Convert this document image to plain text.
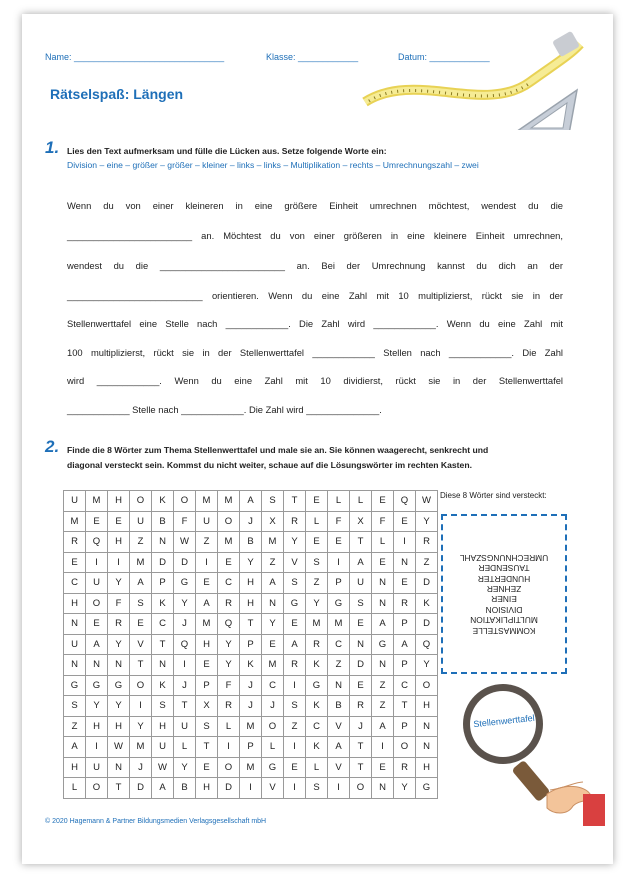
Name: ______________________________	Klasse: ____________	Datum: ____________
Rätselspaß: Längen
1. Lies den Text aufmerksam und fülle die Lücken aus. Setze folgende Worte ein:
Division – eine – größer – größer – kleiner – links – links – Multiplikation – rechts – Umrechnungszahl – zwei
Wenn du von einer kleineren in eine größere Einheit umrechnen möchtest, wendest du die
________________________ an. Möchtest du von einer größeren in eine kleinere Einheit umrechnen,
wendest du die ________________________ an. Bei der Umrechnung kannst du dich an der
__________________________ orientieren. Wenn du eine Zahl mit 10 multiplizierst, rückt sie in der
Stellenwerttafel eine Stelle nach ____________. Die Zahl wird ____________. Wenn du eine Zahl mit
100 multiplizierst, rückt sie in der Stellenwerttafel ____________ Stellen nach ____________. Die Zahl
wird ____________. Wenn du eine Zahl mit 10 dividierst, rückt sie in der Stellenwerttafel
____________ Stelle nach ____________. Die Zahl wird ______________.
2. Finde die 8 Wörter zum Thema Stellenwerttafel und male sie an. Sie können waagerecht, senkrecht und
diagonal versteckt sein. Kommst du nicht weiter, schaue auf die Lösungswörter im rechten Kasten.
U	M	H	O	K	O	M	M	A	S	T	E	L	L	E	Q	W
M	E	E	U	B	F	U	O	J	X	R	L	F	X	F	E	Y
R	Q	H	Z	N	W	Z	M	B	M	Y	E	E	T	L	I	R
E	I	I	M	D	D	I	E	Y	Z	V	S	I	A	E	N	Z
C	U	Y	A	P	G	E	C	H	A	S	Z	P	U	N	E	D
H	O	F	S	K	Y	A	R	H	N	G	Y	G	S	N	R	K
N	E	R	E	C	J	M	Q	T	Y	E	M	M	E	A	P	D
U	A	Y	V	T	Q	H	Y	P	E	A	R	C	N	G	A	Q
N	N	N	T	N	I	E	Y	K	M	R	K	Z	D	N	P	Y
G	G	G	O	K	J	P	F	J	C	I	G	N	E	Z	C	O
S	Y	Y	I	S	T	X	R	J	J	S	K	B	R	Z	T	H
Z	H	H	Y	H	U	S	L	M	O	Z	C	V	J	A	P	N
A	I	W	M	U	L	T	I	P	L	I	K	A	T	I	O	N
H	U	N	J	W	Y	E	O	M	G	E	L	V	T	E	R	H
L	O	T	D	A	B	H	D	I	V	I	S	I	O	N	Y	G
Diese 8 Wörter sind versteckt:
KOMMASTELLE
MULTIPLIKATION
DIVISION
EINER
ZEHNER
HUNDERTER
TAUSENDER
UMRECHNUNGSZAHL
Stellenwerttafel
© 2020 Hagemann & Partner Bildungsmedien Verlagsgesellschaft mbH
